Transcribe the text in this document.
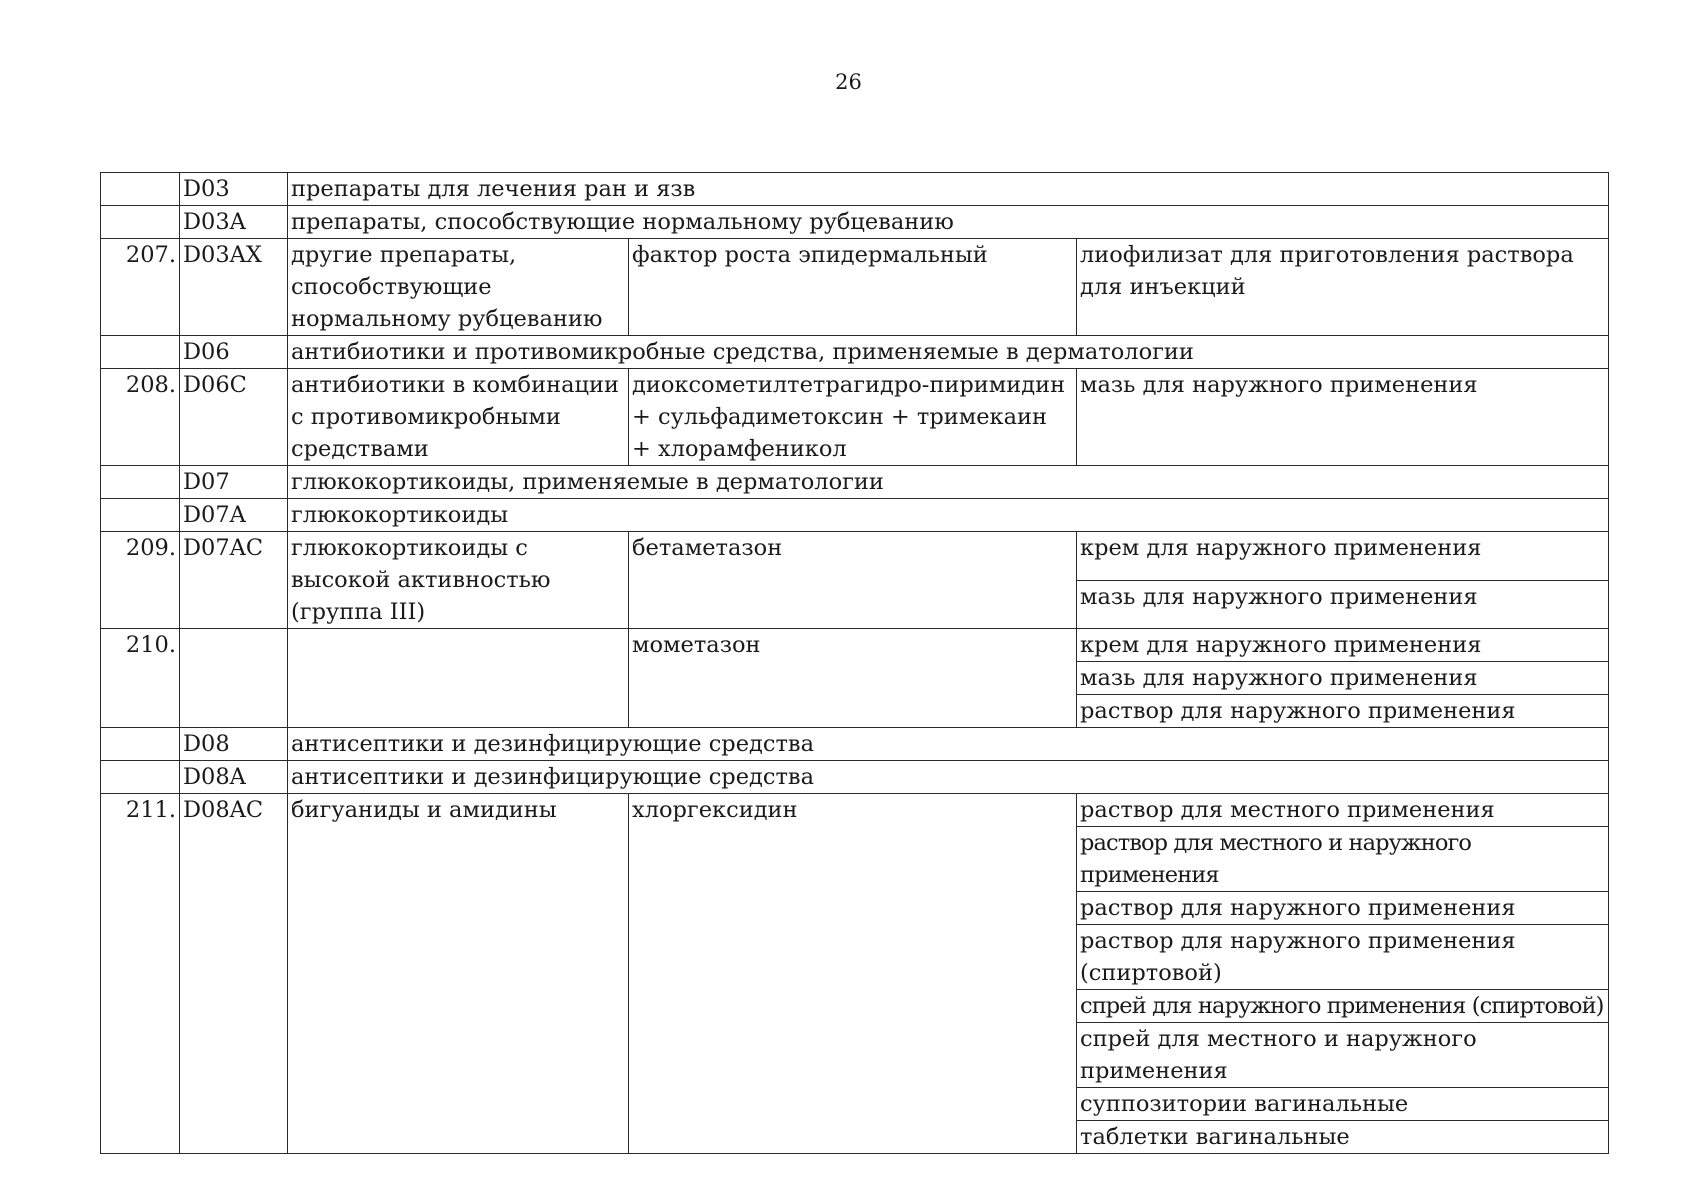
26
	D03	препараты для лечения ран и язв		
	D03A	препараты, способствующие нормальному рубцеванию		
207.	D03AX	другие препараты, способствующие нормальному рубцеванию	фактор роста эпидермальный	лиофилизат для приготовления раствора для инъекций
	D06	антибиотики и противомикробные средства, применяемые в дерматологии		
208.	D06C	антибиотики в комбинации с противомикробными средствами	диоксометилтетрагидро-пиримидин + сульфадиметоксин + тримекаин + хлорамфеникол	мазь для наружного применения
	D07	глюкокортикоиды, применяемые в дерматологии		
	D07A	глюкокортикоиды		
209.	D07AC	глюкокортикоиды с высокой активностью (группа III)	бетаметазон	крем для наружного применения
				мазь для наружного применения
210.			мометазон	крем для наружного применения
				мазь для наружного применения
				раствор для наружного применения
	D08	антисептики и дезинфицирующие средства		
	D08A	антисептики и дезинфицирующие средства		
211.	D08AC	бигуаниды и амидины	хлоргексидин	раствор для местного применения
				раствор для местного и наружного применения
				раствор для наружного применения
				раствор для наружного применения (спиртовой)
				спрей для наружного применения (спиртовой)
				спрей для местного и наружного применения
				суппозитории вагинальные
				таблетки вагинальные
